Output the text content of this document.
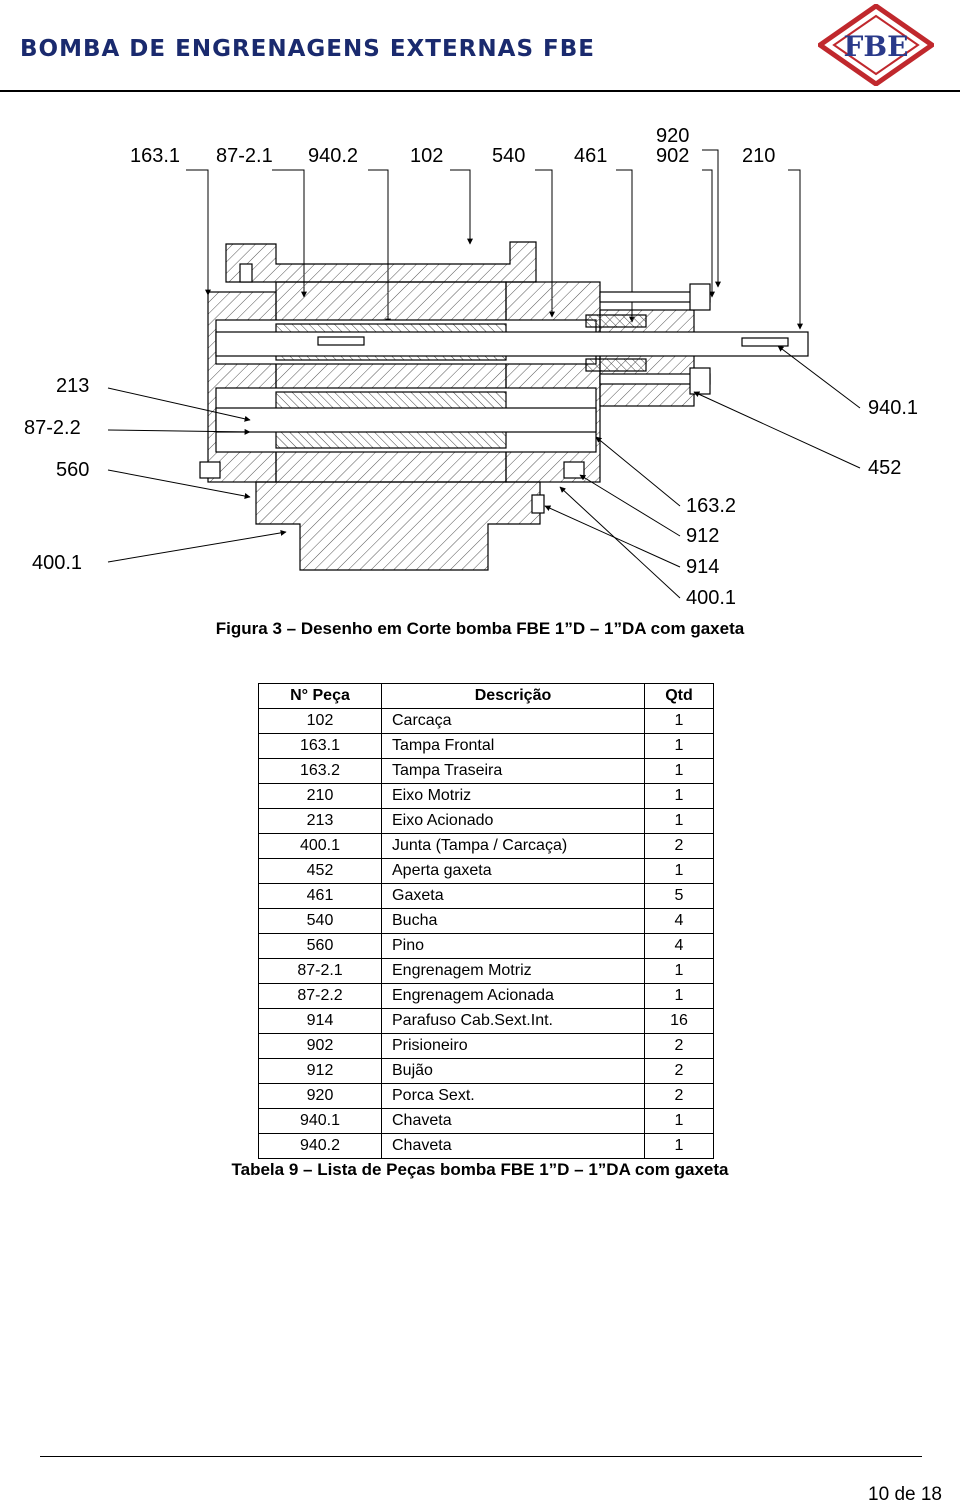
BOMBA DE ENGRENAGENS EXTERNAS FBE	FBE
163.1 87-2.1 940.2	102 540 461
920
902	210
213
87-2.2
560
400.1
940.1
452
163.2
912
914
400.1
Figura 3 – Desenho em Corte bomba FBE 1”D – 1”DA com gaxeta
N° Peça	Descrição	Qtd
102	Carcaça	1
163.1	Tampa Frontal	1
163.2	Tampa Traseira	1
210	Eixo Motriz	1
213	Eixo Acionado	1
400.1	Junta (Tampa / Carcaça)	2
452	Aperta gaxeta	1
461	Gaxeta	5
540	Bucha	4
560	Pino	4
87-2.1	Engrenagem Motriz	1
87-2.2	Engrenagem Acionada	1
914	Parafuso Cab.Sext.Int.	16
902	Prisioneiro	2
912	Bujão	2
920	Porca Sext.	2
940.1	Chaveta	1
940.2	Chaveta	1
Tabela 9 – Lista de Peças bomba FBE 1”D – 1”DA com gaxeta
10 de 18
